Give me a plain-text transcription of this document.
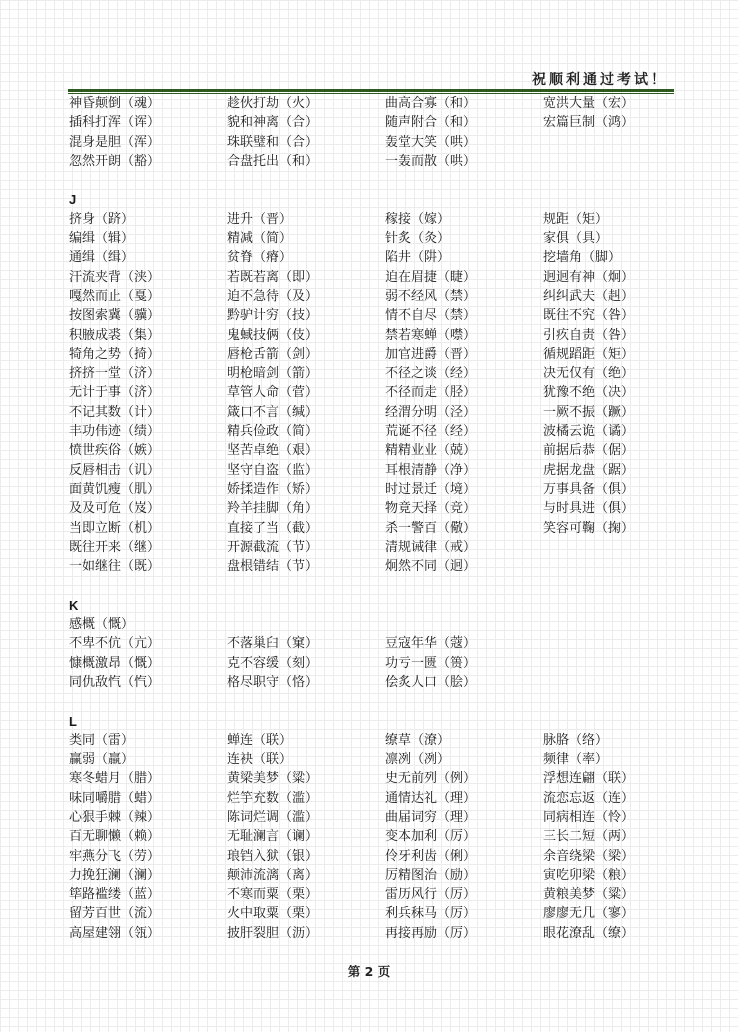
祝顺利通过考试！
神昏颠倒（魂）	趁伙打劫（火）	曲高合寡（和）	宽洪大量（宏）
插科打浑（诨）	貌和神离（合）	随声附合（和）	宏篇巨制（鸿）
混身是胆（浑）	珠联璧和（合）	轰堂大笑（哄）
忽然开朗（豁）	合盘托出（和）	一轰而散（哄）
J
挤身（跻）	进升（晋）	稼接（嫁）	规距（矩）
编缉（辑）	精减（简）	针炙（灸）	家俱（具）
通缉（缉）	贫脊（瘠）	陷井（阱）	挖墙角（脚）
汗流夹背（浃）	若既若离（即）	迫在眉捷（睫）	迥迥有神（炯）
嘎然而止（戛）	迫不急待（及）	弱不经风（禁）	纠纠武夫（赳）
按图索冀（骥）	黔驴计穷（技）	情不自尽（禁）	既往不究（咎）
积腋成裘（集）	鬼蜮技俩（伎）	禁若寒蝉（噤）	引疚自责（咎）
犄角之势（掎）	唇枪舌箭（剑）	加官进爵（晋）	循规蹈距（矩）
挤挤一堂（济）	明枪暗剑（箭）	不径之谈（经）	决无仅有（绝）
无计于事（济）	草管人命（菅）	不径而走（胫）	犹豫不绝（决）
不记其数（计）	箴口不言（缄）	经渭分明（泾）	一厥不振（蹶）
丰功伟迹（绩）	精兵俭政（简）	荒诞不径（经）	波橘云诡（谲）
愤世疾俗（嫉）	坚苦卓绝（艰）	精精业业（兢）	前据后恭（倨）
反唇相击（讥）	坚守自盗（监）	耳根清静（净）	虎据龙盘（踞）
面黄饥瘦（肌）	娇揉造作（矫）	时过景迁（境）	万事具备（俱）
及及可危（岌）	羚羊挂脚（角）	物竟天择（竞）	与时具进（俱）
当即立断（机）	直接了当（截）	杀一警百（儆）	笑容可鞠（掬）
既往开来（继）	开源截流（节）	清规诫律（戒）
一如继往（既）	盘根错结（节）	炯然不同（迥）
K
感概（慨）
不卑不伉（亢）	不落巢臼（窠）	豆寇年华（蔻）
慷概激昂（慨）	克不容缓（刻）	功亏一匮（篑）
同仇敌忾（忾）	格尽职守（恪）	侩炙人口（脍）
L
类同（雷）	蝉连（联）	缭草（潦）	脉胳（络）
赢弱（羸）	连袂（联）	凛冽（冽）	频律（率）
寒冬蜡月（腊）	黄梁美梦（粱）	史无前列（例）	浮想连翩（联）
味同嚼腊（蜡）	烂竽充数（滥）	通情达礼（理）	流恋忘返（连）
心狠手棘（辣）	陈词烂调（滥）	曲届词穷（理）	同病相连（怜）
百无聊懒（赖）	无耻澜言（谰）	变本加利（厉）	三长二短（两）
牢燕分飞（劳）	琅铛入狱（银）	伶牙利齿（俐）	余音绕梁（梁）
力挽狂澜（澜）	颠沛流漓（离）	厉精图治（励）	寅吃卯梁（粮）
筚路褴缕（蓝）	不寒而粟（栗）	雷历风行（厉）	黄粮美梦（粱）
留芳百世（流）	火中取粟（栗）	利兵秣马（厉）	廖廖无几（寥）
高屋建翎（瓴）	披肝裂胆（沥）	再接再励（厉）	眼花潦乱（缭）
第 2 页
